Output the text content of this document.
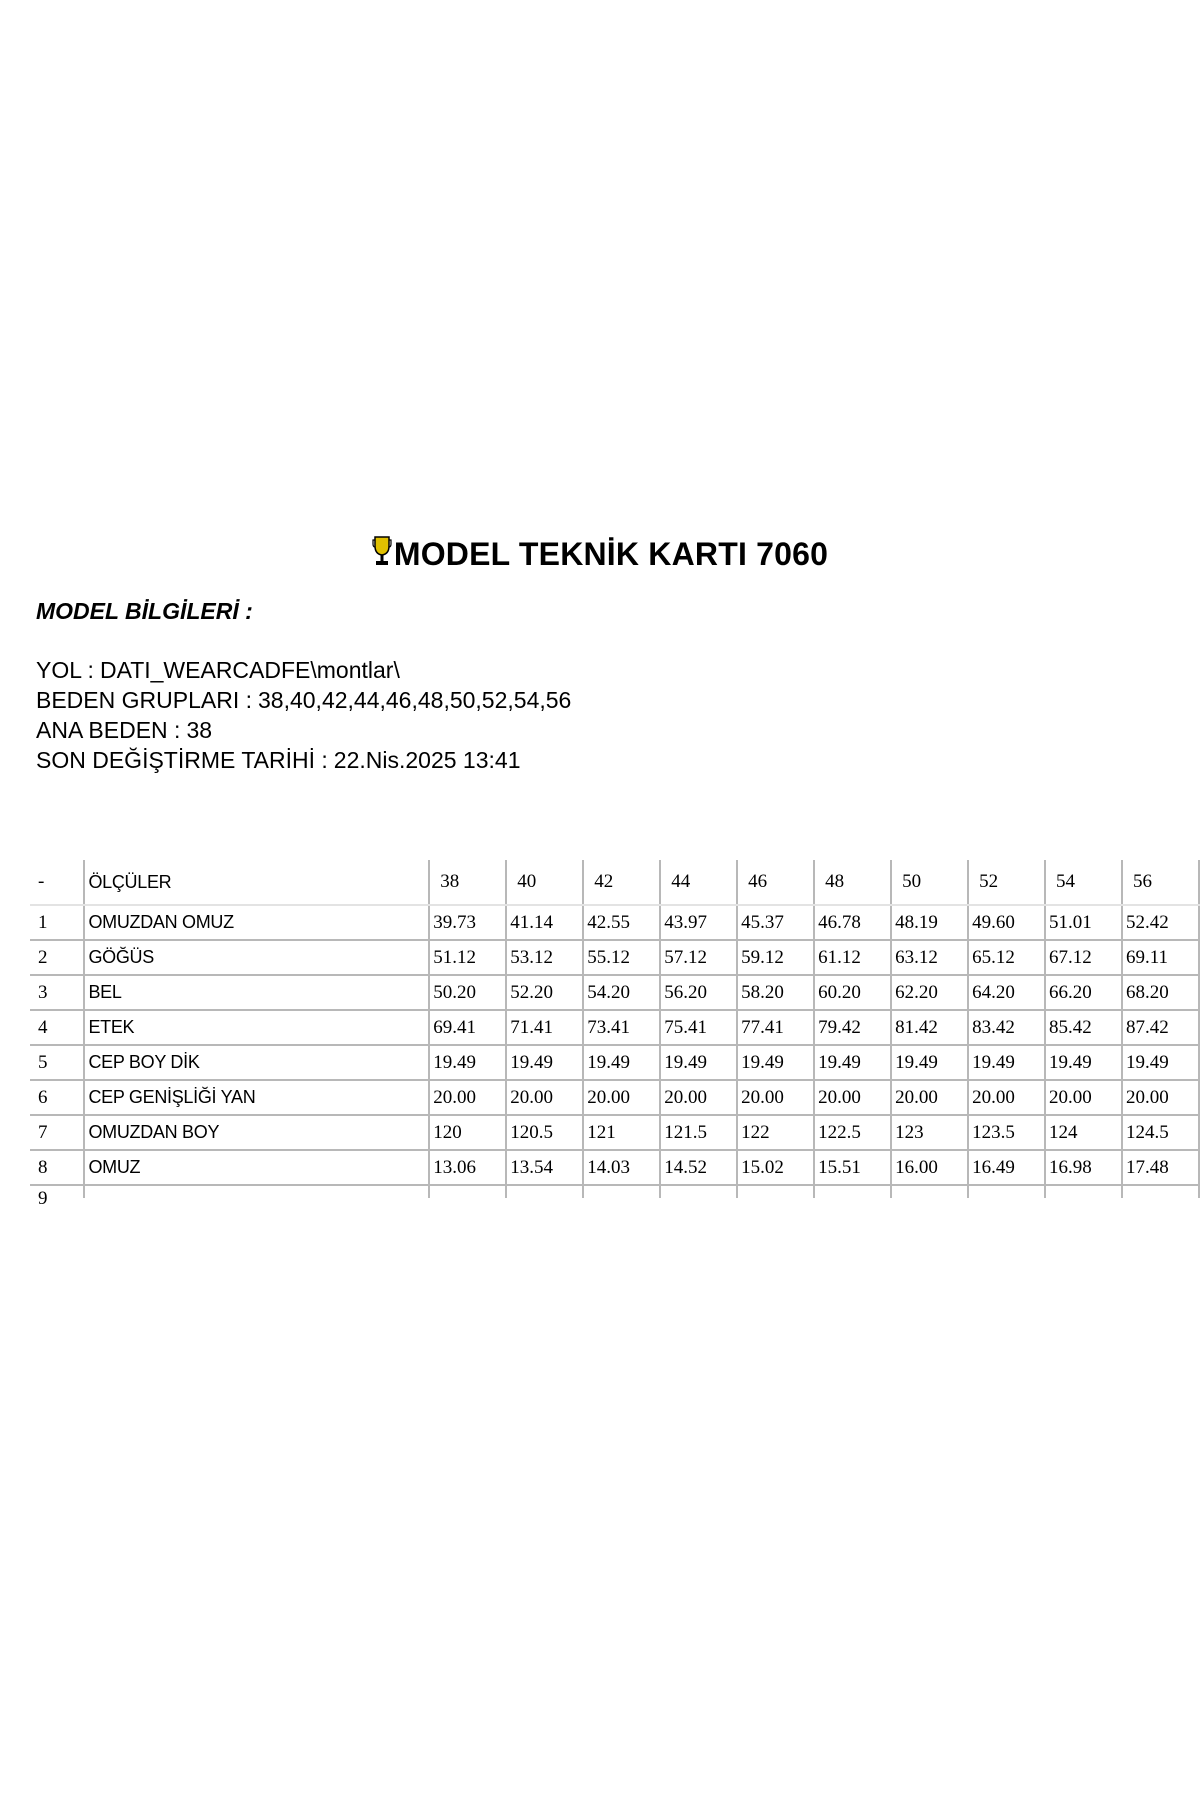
MODEL TEKNİK KARTI 7060
MODEL BİLGİLERİ :
YOL : DATI_WEARCADFE\montlar\
BEDEN GRUPLARI : 38,40,42,44,46,48,50,52,54,56
ANA BEDEN : 38
SON DEĞİŞTİRME TARİHİ : 22.Nis.2025 13:41
-	ÖLÇÜLER	38	40	42	44	46	48	50	52	54	56
1	OMUZDAN OMUZ	39.73	41.14	42.55	43.97	45.37	46.78	48.19	49.60	51.01	52.42
2	GÖĞÜS	51.12	53.12	55.12	57.12	59.12	61.12	63.12	65.12	67.12	69.11
3	BEL	50.20	52.20	54.20	56.20	58.20	60.20	62.20	64.20	66.20	68.20
4	ETEK	69.41	71.41	73.41	75.41	77.41	79.42	81.42	83.42	85.42	87.42
5	CEP BOY DİK	19.49	19.49	19.49	19.49	19.49	19.49	19.49	19.49	19.49	19.49
6	CEP GENİŞLİĞİ YAN	20.00	20.00	20.00	20.00	20.00	20.00	20.00	20.00	20.00	20.00
7	OMUZDAN BOY	120	120.5	121	121.5	122	122.5	123	123.5	124	124.5
8	OMUZ	13.06	13.54	14.03	14.52	15.02	15.51	16.00	16.49	16.98	17.48

9											
